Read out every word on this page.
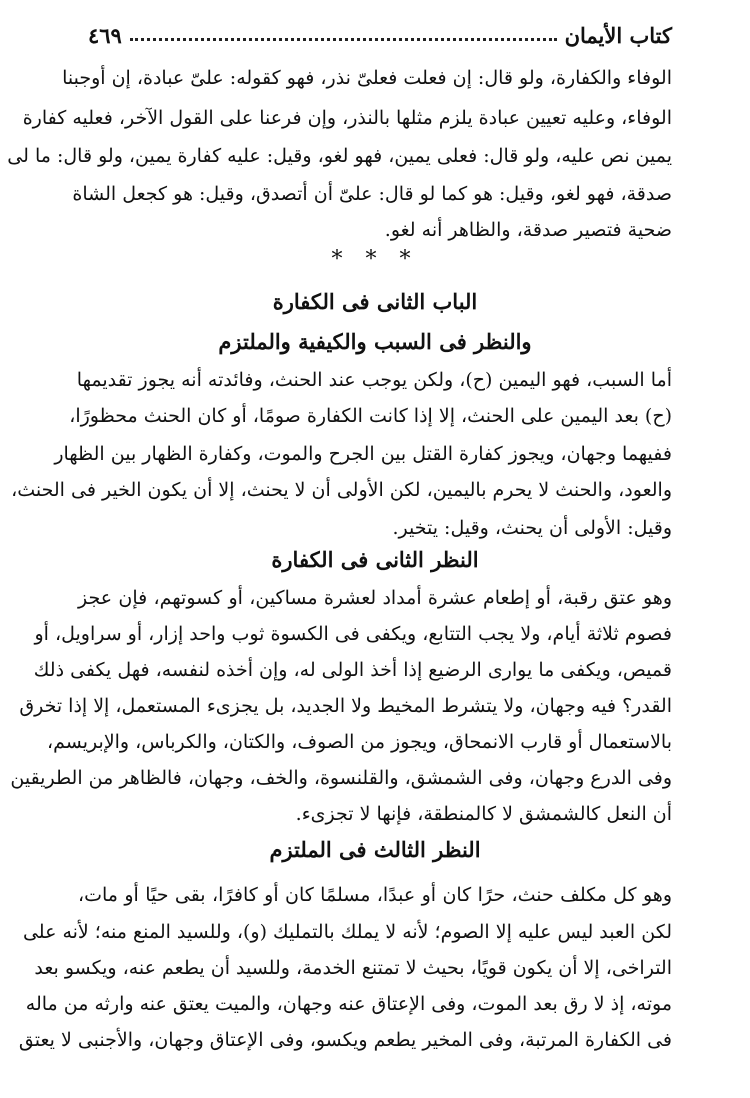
كتاب الأيمان
٤٦٩
الوفاء والكفارة، ولو قال: إن فعلت فعلىّ نذر، فهو كقوله: علىّ عبادة، إن أوجبنا
الوفاء، وعليه تعيين عبادة يلزم مثلها بالنذر، وإن فرعنا على القول الآخر، فعليه كفارة
يمين نص عليه، ولو قال: فعلى يمين، فهو لغو، وقيل: عليه كفارة يمين، ولو قال: ما لى
صدقة، فهو لغو، وقيل: هو كما لو قال: علىّ أن أتصدق، وقيل: هو كجعل الشاة
ضحية فتصير صدقة، والظاهر أنه لغو.
* * *
الباب الثانى فى الكفارة
والنظر فى السبب والكيفية والملتزم
أما السبب، فهو اليمين (ح)، ولكن يوجب عند الحنث، وفائدته أنه يجوز تقديمها
(ح) بعد اليمين على الحنث، إلا إذا كانت الكفارة صومًا، أو كان الحنث محظورًا،
ففيهما وجهان، ويجوز كفارة القتل بين الجرح والموت، وكفارة الظهار بين الظهار
والعود، والحنث لا يحرم باليمين، لكن الأولى أن لا يحنث، إلا أن يكون الخير فى الحنث،
وقيل: الأولى أن يحنث، وقيل: يتخير.
النظر الثانى فى الكفارة
وهو عتق رقبة، أو إطعام عشرة أمداد لعشرة مساكين، أو كسوتهم، فإن عجز
فصوم ثلاثة أيام، ولا يجب التتابع، ويكفى فى الكسوة ثوب واحد إزار، أو سراويل، أو
قميص، ويكفى ما يوارى الرضيع إذا أخذ الولى له، وإن أخذه لنفسه، فهل يكفى ذلك
القدر؟ فيه وجهان، ولا يتشرط المخيط ولا الجديد، بل يجزىء المستعمل، إلا إذا تخرق
بالاستعمال أو قارب الانمحاق، ويجوز من الصوف، والكتان، والكرباس، والإبريسم،
وفى الدرع وجهان، وفى الشمشق، والقلنسوة، والخف، وجهان، فالظاهر من الطريقين
أن النعل كالشمشق لا كالمنطقة، فإنها لا تجزىء.
النظر الثالث فى الملتزم
وهو كل مكلف حنث، حرًا كان أو عبدًا، مسلمًا كان أو كافرًا، بقى حيًا أو مات،
لكن العبد ليس عليه إلا الصوم؛ لأنه لا يملك بالتمليك (و)، وللسيد المنع منه؛ لأنه على
التراخى، إلا أن يكون قويًا، بحيث لا تمتنع الخدمة، وللسيد أن يطعم عنه، ويكسو بعد
موته، إذ لا رق بعد الموت، وفى الإعتاق عنه وجهان، والميت يعتق عنه وارثه من ماله
فى الكفارة المرتبة، وفى المخير يطعم ويكسو، وفى الإعتاق وجهان، والأجنبى لا يعتق
